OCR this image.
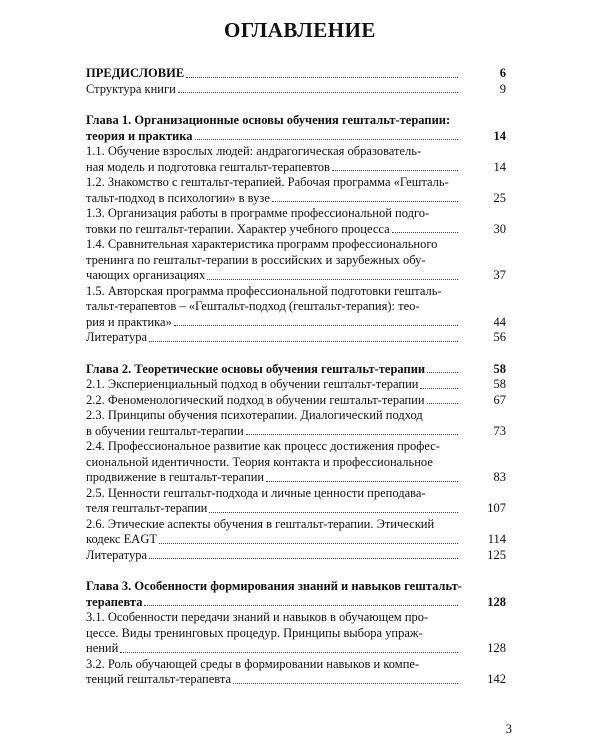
ОГЛАВЛЕНИЕ
ПРЕДИСЛОВИЕ	6
Структура книги	9
Глава 1. Организационные основы обучения гештальт-терапии:
теория и практика	14
1.1. Обучение взрослых людей: андрагогическая образователь-
ная модель и подготовка гештальт-терапевтов	14
1.2. Знакомство с гештальт-терапией. Рабочая программа «Гешталь-
тальт-подход в психологии» в вузе	25
1.3. Организация работы в программе профессиональной подго-
товки по гештальт-терапии. Характер учебного процесса	30
1.4. Сравнительная характеристика программ профессионального
тренинга по гештальт-терапии в российских и зарубежных обу-
чающих организациях	37
1.5. Авторская программа профессиональной подготовки гешталь-
тальт-терапевтов – «Гештальт-подход (гештальт-терапия): тео-
рия и практика»	44
Литература	56
Глава 2. Теоретические основы обучения гештальт-терапии	58
2.1. Экспериенциальный подход в обучении гештальт-терапии	58
2.2. Феноменологический подход в обучении гештальт-терапии	67
2.3. Принципы обучения психотерапии. Диалогический подход
в обучении гештальт-терапии	73
2.4. Профессиональное развитие как процесс достижения профес-
сиональной идентичности. Теория контакта и профессиональное
продвижение в гештальт-терапии	83
2.5. Ценности гештальт-подхода и личные ценности преподава-
теля гештальт-терапии	107
2.6. Этические аспекты обучения в гештальт-терапии. Этический
кодекс EAGT	114
Литература	125
Глава 3. Особенности формирования знаний и навыков гештальт-
терапевта	128
3.1. Особенности передачи знаний и навыков в обучающем про-
цессе. Виды тренинговых процедур. Принципы выбора упраж-
нений	128
3.2. Роль обучающей среды в формировании навыков и компе-
тенций гештальт-терапевта	142
3
